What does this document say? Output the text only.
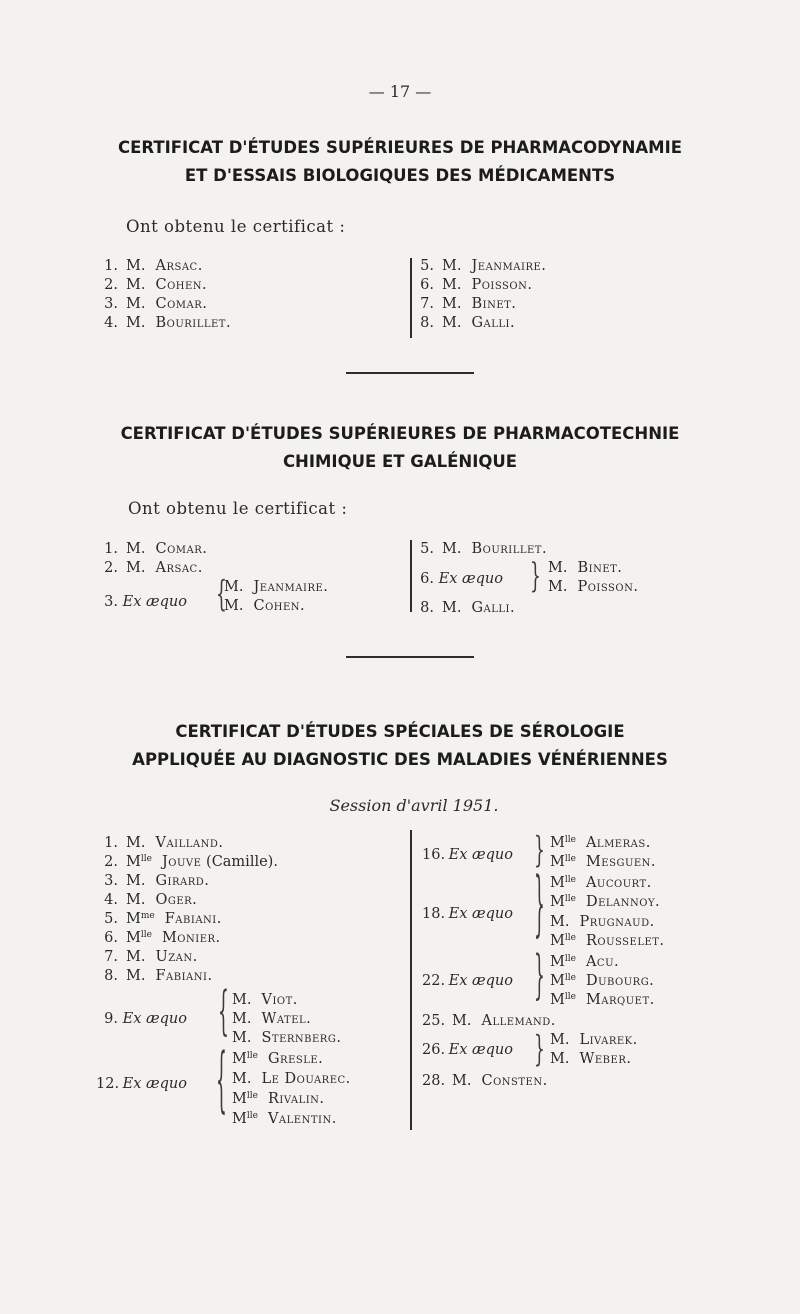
— 17 —
CERTIFICAT D'ÉTUDES SUPÉRIEURES DE PHARMACODYNAMIE
ET D'ESSAIS BIOLOGIQUES DES MÉDICAMENTS
Ont obtenu le certificat :
1. M. Arsac.
2. M. Cohen.
3. M. Comar.
4. M. Bourillet.
5. M. Jeanmaire.
6. M. Poisson.
7. M. Binet.
8. M. Galli.
CERTIFICAT D'ÉTUDES SUPÉRIEURES DE PHARMACOTECHNIE
CHIMIQUE ET GALÉNIQUE
Ont obtenu le certificat :
1. M. Comar.
2. M. Arsac.
3. Ex æquo {
M. Jeanmaire.
M. Cohen.
5. M. Bourillet.
6. Ex æquo } M. Binet.
M. Poisson.
8. M. Galli.
CERTIFICAT D'ÉTUDES SPÉCIALES DE SÉROLOGIE
APPLIQUÉE AU DIAGNOSTIC DES MALADIES VÉNÉRIENNES
Session d'avril 1951.
1. M. Vailland.
2. $M^{lle}$ Jouve (Camille).
3. M. Girard.
4. M. Oger.
5. $M^{me}$ Fabiani.
6. $M^{lle}$ Monier.
7. M. Uzan.
8. M. Fabiani.
9. Ex æquo { M. Viot.
M. Watel.
M. Sternberg.
12. Ex æquo { $M^{lle}$ Gresle.
M. Le Douarec.
$M^{lle}$ Rivalin.
$M^{lle}$ Valentin.
16. Ex æquo } $M^{lle}$ Almeras.
$M^{lle}$ Mesguen.
18. Ex æquo } $M^{lle}$ Aucourt.
$M^{lle}$ Delannoy.
M. Prugnaud.
$M^{lle}$ Rousselet.
22. Ex æquo } $M^{lle}$ Acu.
$M^{lle}$ Dubourg.
$M^{lle}$ Marquet.
25. M. Allemand.
26. Ex æquo } M. Livarek.
M. Weber.
28. M. Consten.
